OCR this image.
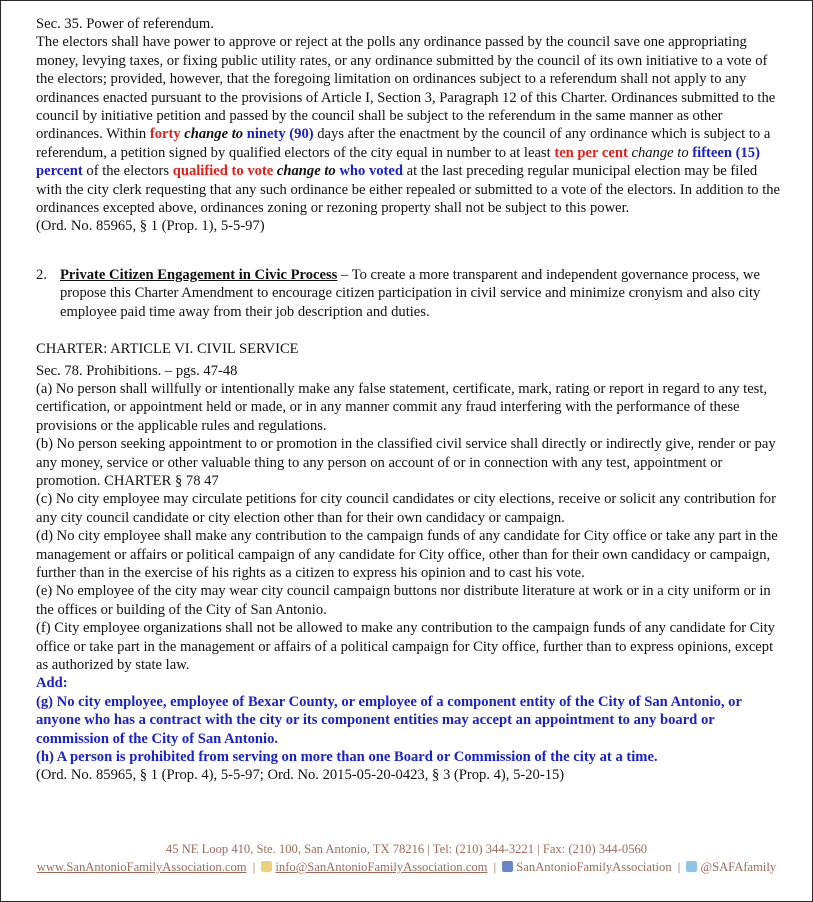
Sec. 35. Power of referendum.

The electors shall have power to approve or reject at the polls any ordinance passed by the council save one appropriating money, levying taxes, or fixing public utility rates, or any ordinance submitted by the council of its own initiative to a vote of the electors; provided, however, that the foregoing limitation on ordinances subject to a referendum shall not apply to any ordinances enacted pursuant to the provisions of Article I, Section 3, Paragraph 12 of this Charter. Ordinances submitted to the council by initiative petition and passed by the council shall be subject to the referendum in the same manner as other ordinances. Within forty change to ninety (90) days after the enactment by the council of any ordinance which is subject to a referendum, a petition signed by qualified electors of the city equal in number to at least ten per cent change to fifteen (15) percent of the electors qualified to vote change to who voted at the last preceding regular municipal election may be filed with the city clerk requesting that any such ordinance be either repealed or submitted to a vote of the electors. In addition to the ordinances excepted above, ordinances zoning or rezoning property shall not be subject to this power.

(Ord. No. 85965, § 1 (Prop. 1), 5-5-97)

2. Private Citizen Engagement in Civic Process – To create a more transparent and independent governance process, we propose this Charter Amendment to encourage citizen participation in civil service and minimize cronyism and also city employee paid time away from their job description and duties.

CHARTER: ARTICLE VI. CIVIL SERVICE

Sec. 78. Prohibitions. – pgs. 47-48

(a) No person shall willfully or intentionally make any false statement, certificate, mark, rating or report in regard to any test, certification, or appointment held or made, or in any manner commit any fraud interfering with the performance of these provisions or the applicable rules and regulations.

(b) No person seeking appointment to or promotion in the classified civil service shall directly or indirectly give, render or pay any money, service or other valuable thing to any person on account of or in connection with any test, appointment or promotion. CHARTER § 78 47

(c) No city employee may circulate petitions for city council candidates or city elections, receive or solicit any contribution for any city council candidate or city election other than for their own candidacy or campaign.

(d) No city employee shall make any contribution to the campaign funds of any candidate for City office or take any part in the management or affairs or political campaign of any candidate for City office, other than for their own candidacy or campaign, further than in the exercise of his rights as a citizen to express his opinion and to cast his vote.

(e) No employee of the city may wear city council campaign buttons nor distribute literature at work or in a city uniform or in the offices or building of the City of San Antonio.

(f) City employee organizations shall not be allowed to make any contribution to the campaign funds of any candidate for City office or take part in the management or affairs of a political campaign for City office, further than to express opinions, except as authorized by state law.

Add:

(g) No city employee, employee of Bexar County, or employee of a component entity of the City of San Antonio, or anyone who has a contract with the city or its component entities may accept an appointment to any board or commission of the City of San Antonio.

(h) A person is prohibited from serving on more than one Board or Commission of the city at a time.

(Ord. No. 85965, § 1 (Prop. 4), 5-5-97; Ord. No. 2015-05-20-0423, § 3 (Prop. 4), 5-20-15)

45 NE Loop 410, Ste. 100, San Antonio, TX 78216 | Tel: (210) 344-3221 | Fax: (210) 344-0560
www.SanAntonioFamilyAssociation.com | info@SanAntonioFamilyAssociation.com | SanAntonioFamilyAssociation | @SAFAfamily
